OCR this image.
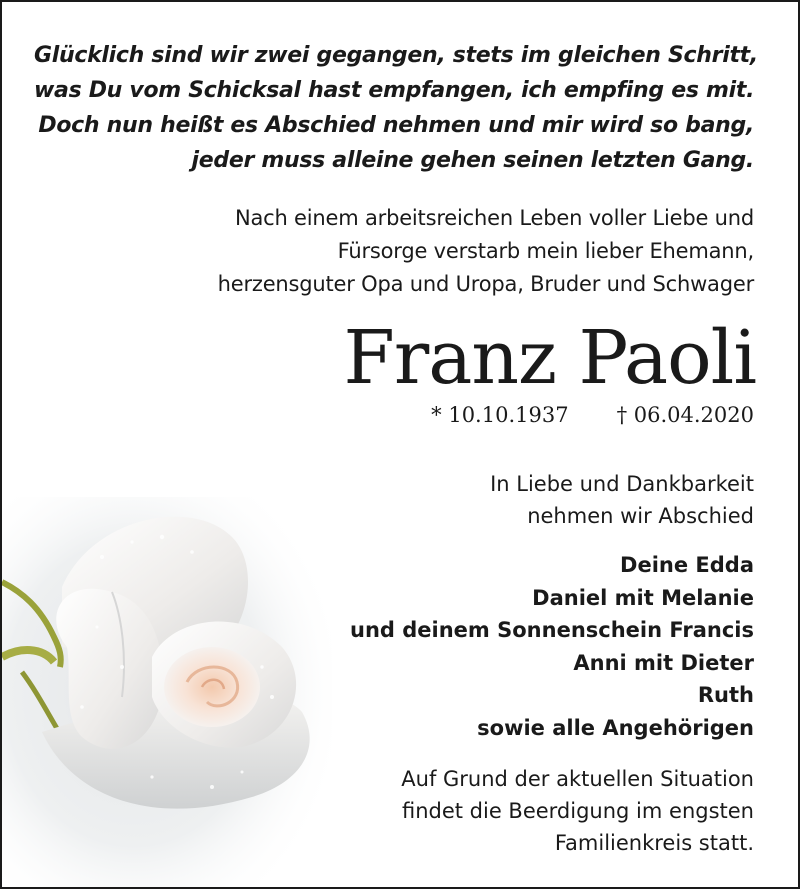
Glücklich sind wir zwei gegangen, stets im gleichen Schritt,
was Du vom Schicksal hast empfangen, ich empfing es mit.
Doch nun heißt es Abschied nehmen und mir wird so bang,
jeder muss alleine gehen seinen letzten Gang.
Nach einem arbeitsreichen Leben voller Liebe und
Fürsorge verstarb mein lieber Ehemann,
herzensguter Opa und Uropa, Bruder und Schwager
Franz Paoli
* 10.10.1937 † 06.04.2020
In Liebe und Dankbarkeit
nehmen wir Abschied
Deine Edda
Daniel mit Melanie
und deinem Sonnenschein Francis
Anni mit Dieter
Ruth
sowie alle Angehörigen
Auf Grund der aktuellen Situation
findet die Beerdigung im engsten
Familienkreis statt.
